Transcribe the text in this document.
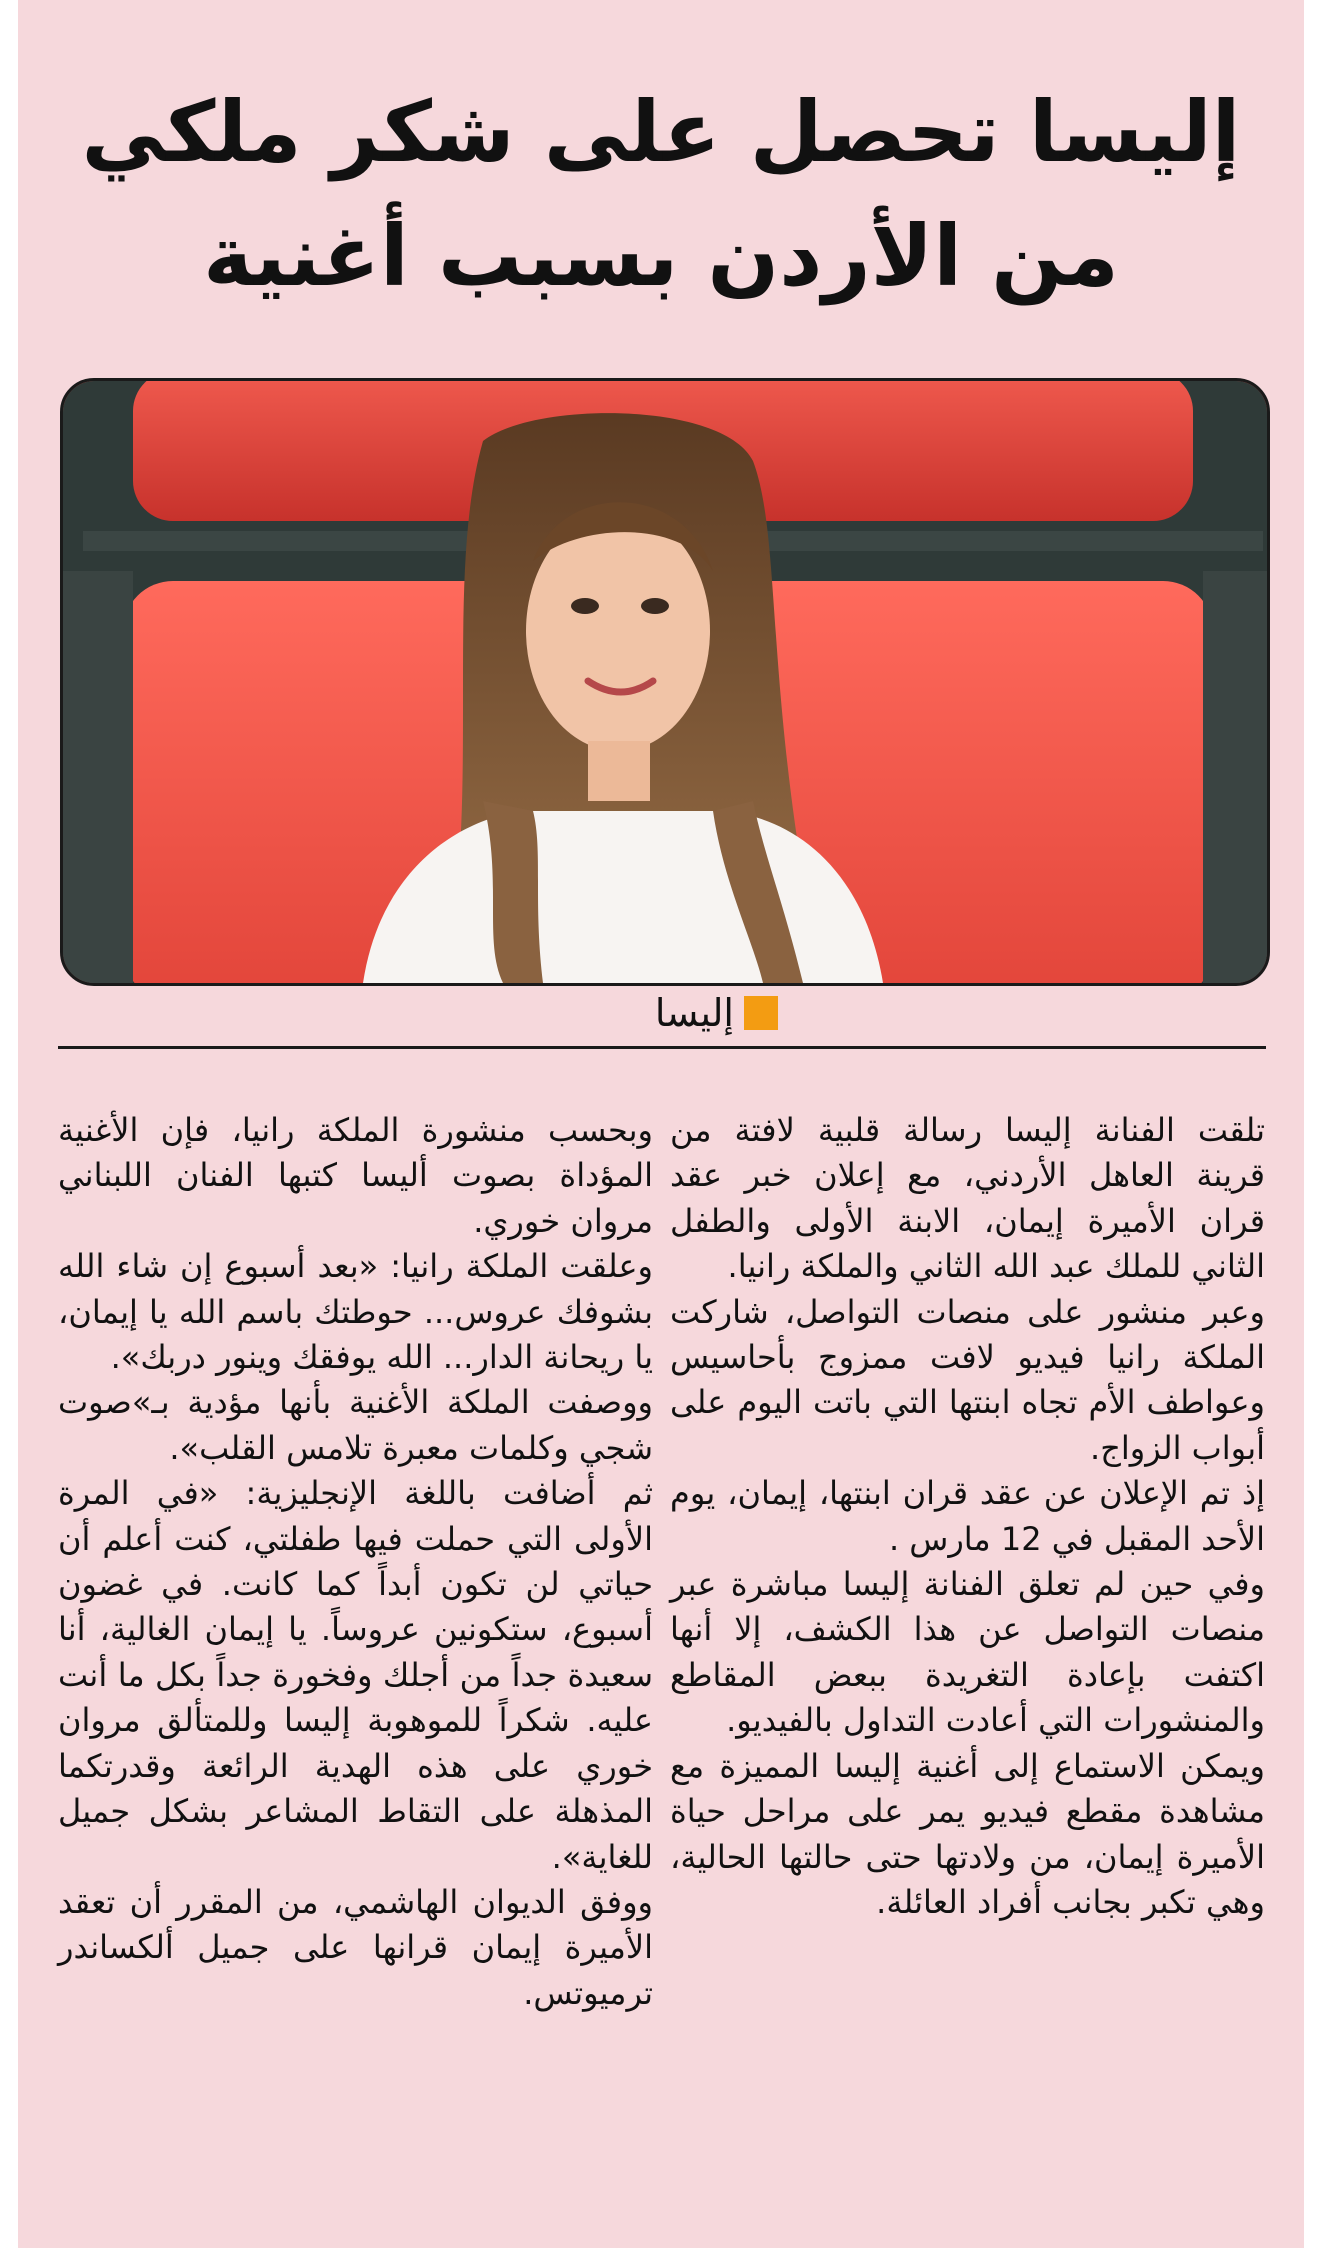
إليسا تحصل على شكر ملكي
من الأردن بسبب أغنية
إليسا

تلقت الفنانة إليسا رسالة قلبية لافتة من قرينة العاهل الأردني، مع إعلان خبر عقد قران الأميرة إيمان، الابنة الأولى والطفل الثاني للملك عبد الله الثاني والملكة رانيا.

وعبر منشور على منصات التواصل، شاركت الملكة رانيا فيديو لافت ممزوج بأحاسيس وعواطف الأم تجاه ابنتها التي باتت اليوم على أبواب الزواج.

إذ تم الإعلان عن عقد قران ابنتها، إيمان، يوم الأحد المقبل في 12 مارس .

وفي حين لم تعلق الفنانة إليسا مباشرة عبر منصات التواصل عن هذا الكشف، إلا أنها اكتفت بإعادة التغريدة ببعض المقاطع والمنشورات التي أعادت التداول بالفيديو.

ويمكن الاستماع إلى أغنية إليسا المميزة مع مشاهدة مقطع فيديو يمر على مراحل حياة الأميرة إيمان، من ولادتها حتى حالتها الحالية، وهي تكبر بجانب أفراد العائلة.

وبحسب منشورة الملكة رانيا، فإن الأغنية المؤداة بصوت أليسا كتبها الفنان اللبناني مروان خوري.

وعلقت الملكة رانيا: «بعد أسبوع إن شاء الله بشوفك عروس... حوطتك باسم الله يا إيمان، يا ريحانة الدار... الله يوفقك وينور دربك».

ووصفت الملكة الأغنية بأنها مؤدية بـ»صوت شجي وكلمات معبرة تلامس القلب».

ثم أضافت باللغة الإنجليزية: «في المرة الأولى التي حملت فيها طفلتي، كنت أعلم أن حياتي لن تكون أبداً كما كانت. في غضون أسبوع، ستكونين عروساً. يا إيمان الغالية، أنا سعيدة جداً من أجلك وفخورة جداً بكل ما أنت عليه. شكراً للموهوبة إليسا وللمتألق مروان خوري على هذه الهدية الرائعة وقدرتكما المذهلة على التقاط المشاعر بشكل جميل للغاية».

ووفق الديوان الهاشمي، من المقرر أن تعقد الأميرة إيمان قرانها على جميل ألكساندر ترميوتس.
